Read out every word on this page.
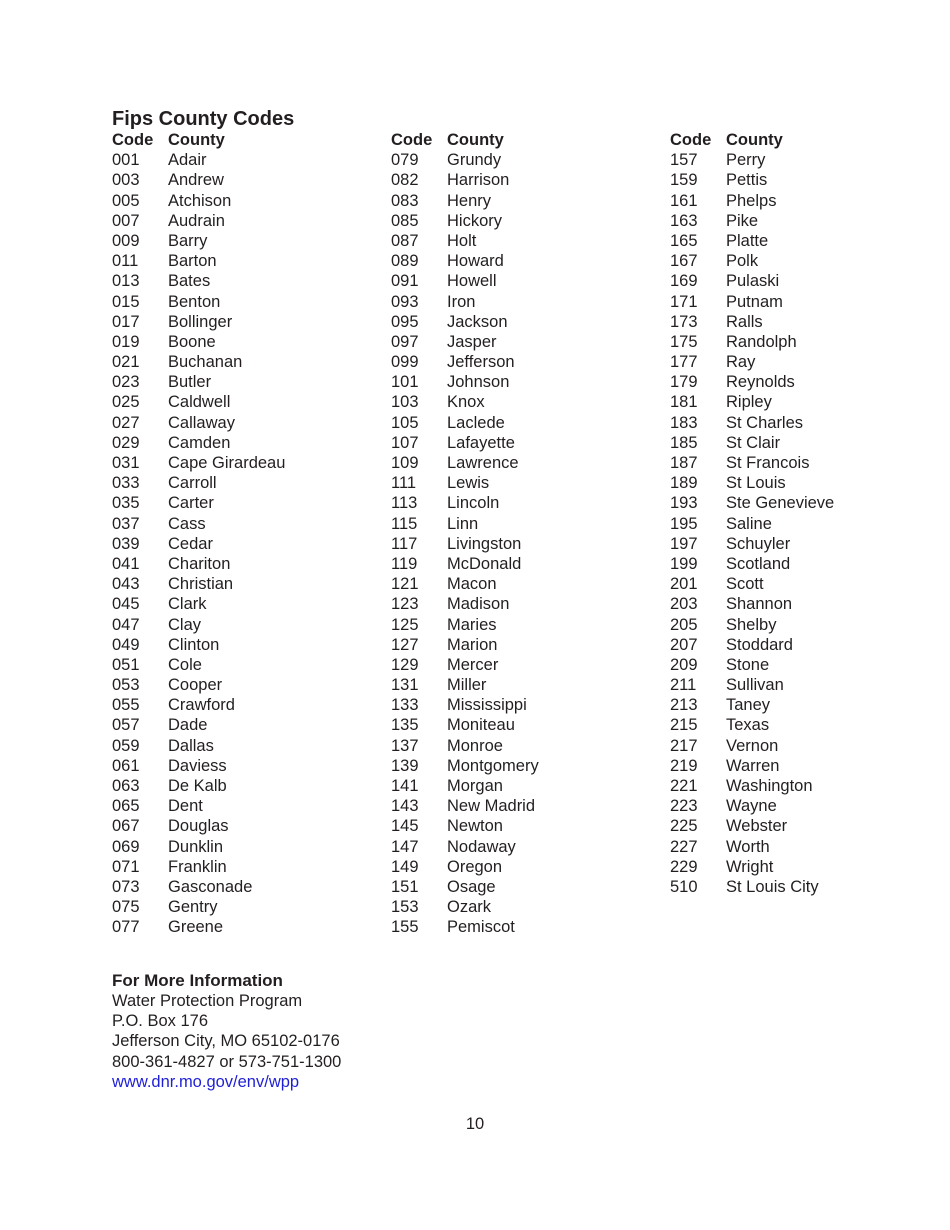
Fips County Codes
Code County
001	Adair
003	Andrew
005	Atchison
007	Audrain
009	Barry
011	Barton
013	Bates
015	Benton
017	Bollinger
019	Boone
021	Buchanan
023	Butler
025	Caldwell
027	Callaway
029	Camden
031	Cape Girardeau
033	Carroll
035	Carter
037	Cass
039	Cedar
041	Chariton
043	Christian
045	Clark
047	Clay
049	Clinton
051	Cole
053	Cooper
055	Crawford
057	Dade
059	Dallas
061	Daviess
063	De Kalb
065	Dent
067	Douglas
069	Dunklin
071	Franklin
073	Gasconade
075	Gentry
077	Greene
Code County
079	Grundy
082	Harrison
083	Henry
085	Hickory
087	Holt
089	Howard
091	Howell
093	Iron
095	Jackson
097	Jasper
099	Jefferson
101	Johnson
103	Knox
105	Laclede
107	Lafayette
109	Lawrence
111	Lewis
113	Lincoln
115	Linn
117	Livingston
119	McDonald
121	Macon
123	Madison
125	Maries
127	Marion
129	Mercer
131	Miller
133	Mississippi
135	Moniteau
137	Monroe
139	Montgomery
141	Morgan
143	New Madrid
145	Newton
147	Nodaway
149	Oregon
151	Osage
153	Ozark
155	Pemiscot
Code County
157	Perry
159	Pettis
161	Phelps
163	Pike
165	Platte
167	Polk
169	Pulaski
171	Putnam
173	Ralls
175	Randolph
177	Ray
179	Reynolds
181	Ripley
183	St Charles
185	St Clair
187	St Francois
189	St Louis
193	Ste Genevieve
195	Saline
197	Schuyler
199	Scotland
201	Scott
203	Shannon
205	Shelby
207	Stoddard
209	Stone
211	Sullivan
213	Taney
215	Texas
217	Vernon
219	Warren
221	Washington
223	Wayne
225	Webster
227	Worth
229	Wright
510	St Louis City
For More Information
Water Protection Program
P.O. Box 176
Jefferson City, MO 65102-0176
800-361-4827 or 573-751-1300
www.dnr.mo.gov/env/wpp
10
